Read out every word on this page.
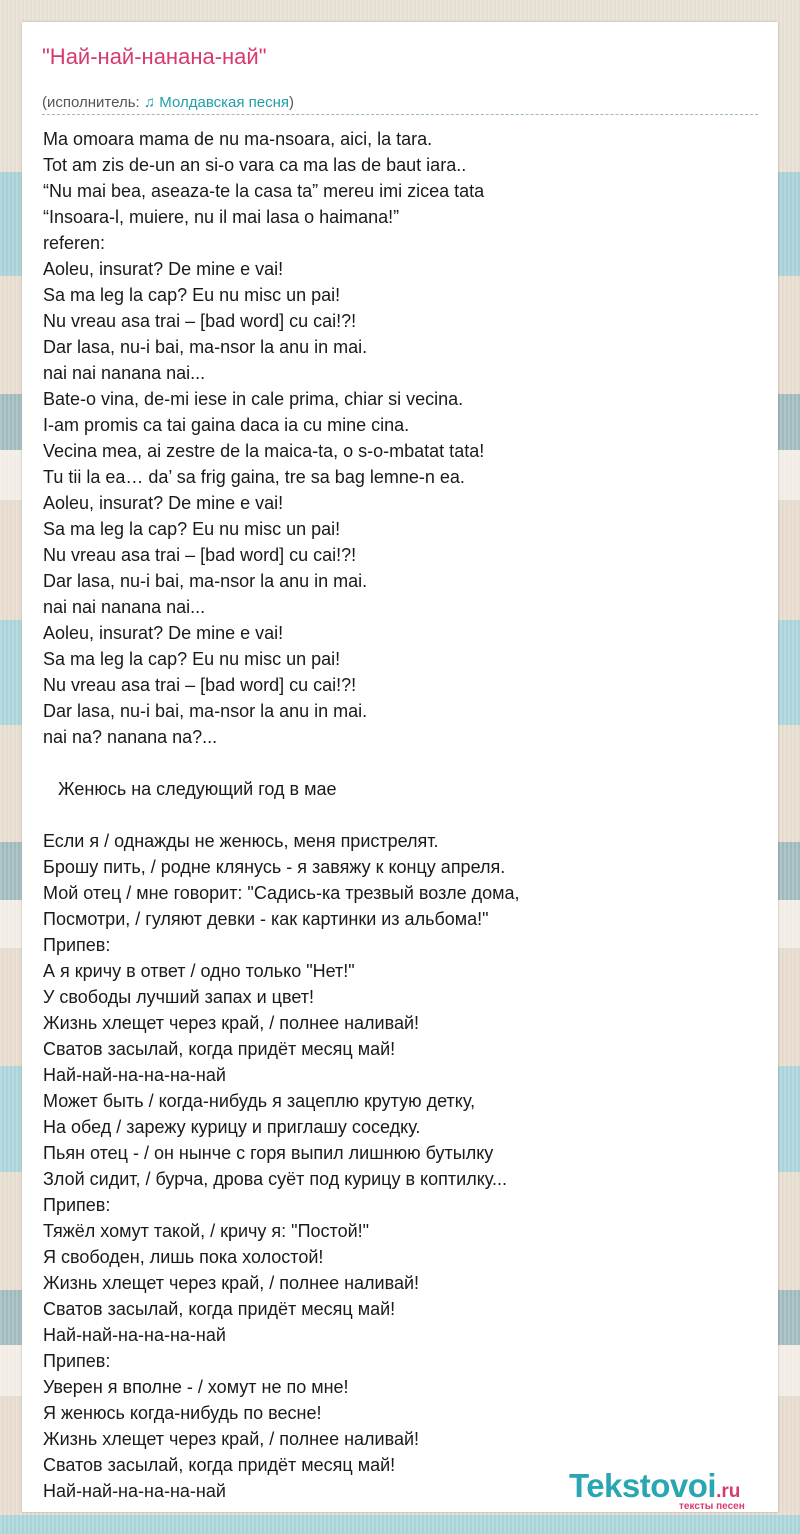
"Най-най-нанана-най"
(исполнитель: ♫ Молдавская песня)
Ma omoara mama de nu ma-nsoara, aici, la tara.
Tot am zis de-un an si-o vara ca ma las de baut iara..
“Nu mai bea, aseaza-te la casa ta” mereu imi zicea tata
“Insoara-l, muiere, nu il mai lasa o haimana!”
referen:
Aoleu, insurat? De mine e vai!
Sa ma leg la cap? Eu nu misc un pai!
Nu vreau asa trai – [bad word] cu cai!?!
Dar lasa, nu-i bai, ma-nsor la anu in mai.
nai nai nanana nai...
Bate-o vina, de-mi iese in cale prima, chiar si vecina.
I-am promis ca tai gaina daca ia cu mine cina.
Vecina mea, ai zestre de la maica-ta, o s-o-mbatat tata!
Tu tii la ea… da’ sa frig gaina, tre sa bag lemne-n ea.
Aoleu, insurat? De mine e vai!
Sa ma leg la cap? Eu nu misc un pai!
Nu vreau asa trai – [bad word] cu cai!?!
Dar lasa, nu-i bai, ma-nsor la anu in mai.
nai nai nanana nai...
Aoleu, insurat? De mine e vai!
Sa ma leg la cap? Eu nu misc un pai!
Nu vreau asa trai – [bad word] cu cai!?!
Dar lasa, nu-i bai, ma-nsor la anu in mai.
nai na? nanana na?...

Женюсь на следующий год в мае

Если я / однажды не женюсь, меня пристрелят.
Брошу пить, / родне клянусь - я завяжу к концу апреля.
Мой отец / мне говорит: "Садись-ка трезвый возле дома,
Посмотри, / гуляют девки - как картинки из альбома!"
Припев:
А я кричу в ответ / одно только "Нет!"
У свободы лучший запах и цвет!
Жизнь хлещет через край, / полнее наливай!
Сватов засылай, когда придёт месяц май!
Най-най-на-на-на-най
Может быть / когда-нибудь я зацеплю крутую детку,
На обед / зарежу курицу и приглашу соседку.
Пьян отец - / он нынче с горя выпил лишнюю бутылку
Злой сидит, / бурча, дрова суёт под курицу в коптилку...
Припев:
Тяжёл хомут такой, / кричу я: "Постой!"
Я свободен, лишь пока холостой!
Жизнь хлещет через край, / полнее наливай!
Сватов засылай, когда придёт месяц май!
Най-най-на-на-на-най
Припев:
Уверен я вполне - / хомут не по мне!
Я женюсь когда-нибудь по весне!
Жизнь хлещет через край, / полнее наливай!
Сватов засылай, когда придёт месяц май!
Най-най-на-на-на-най	Tekstovoi.ru
тексты песен
